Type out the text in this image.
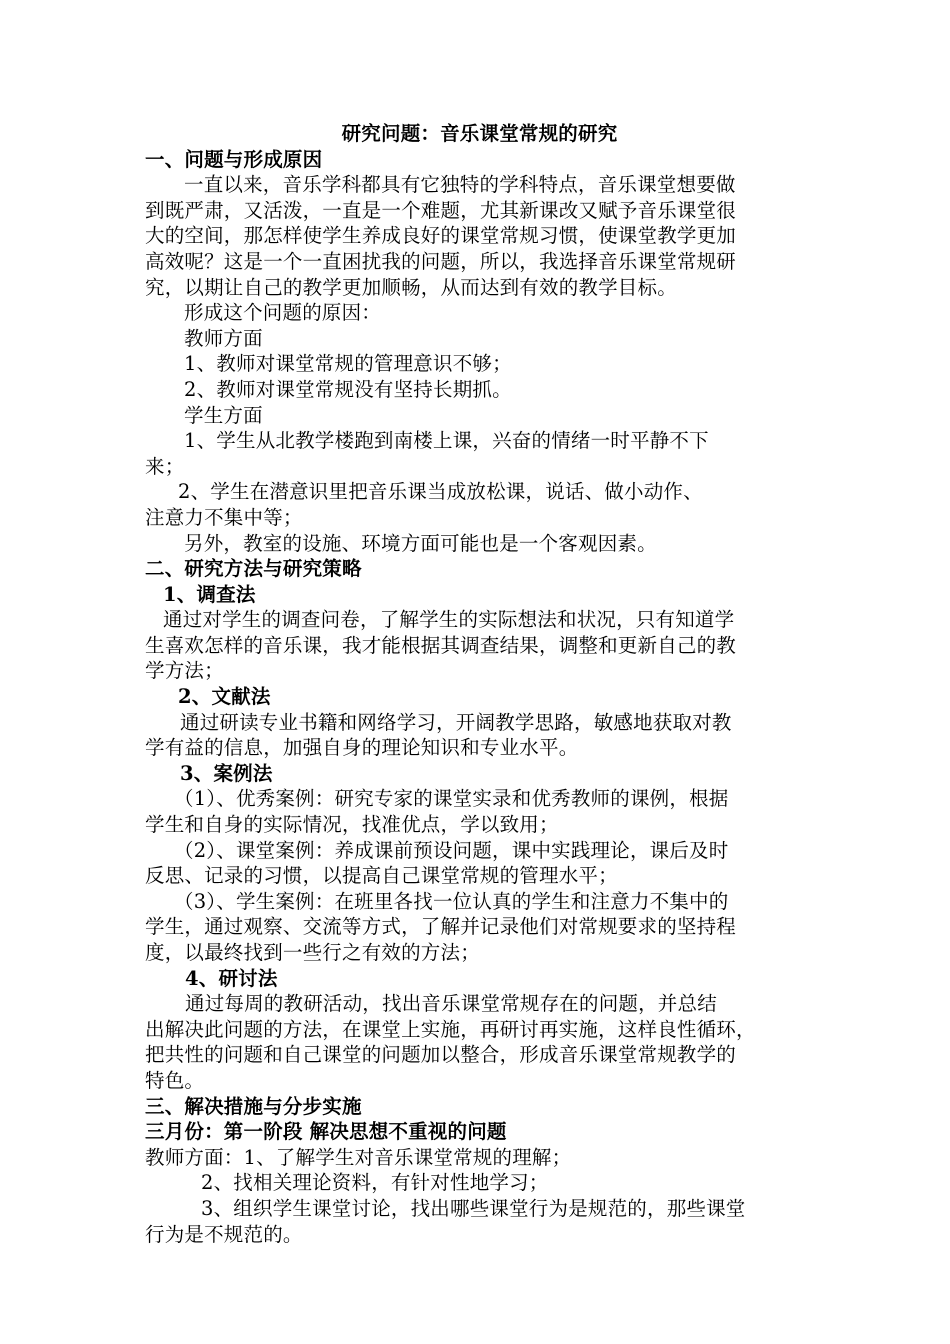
研究问题：音乐课堂常规的研究
一、问题与形成原因
一直以来，音乐学科都具有它独特的学科特点，音乐课堂想要做
到既严肃，又活泼，一直是一个难题，尤其新课改又赋予音乐课堂很
大的空间，那怎样使学生养成良好的课堂常规习惯，使课堂教学更加
高效呢？这是一个一直困扰我的问题，所以，我选择音乐课堂常规研
究，以期让自己的教学更加顺畅，从而达到有效的教学目标。
形成这个问题的原因：
教师方面
1、教师对课堂常规的管理意识不够；
2、教师对课堂常规没有坚持长期抓。
学生方面
1、学生从北教学楼跑到南楼上课，兴奋的情绪一时平静不下
来；
2、学生在潜意识里把音乐课当成放松课，说话、做小动作、
注意力不集中等；
另外，教室的设施、环境方面可能也是一个客观因素。
二、研究方法与研究策略
1、调查法
通过对学生的调查问卷，了解学生的实际想法和状况，只有知道学
生喜欢怎样的音乐课，我才能根据其调查结果，调整和更新自己的教
学方法；
2、文献法
通过研读专业书籍和网络学习，开阔教学思路，敏感地获取对教
学有益的信息，加强自身的理论知识和专业水平。
3、案例法
（1）、优秀案例：研究专家的课堂实录和优秀教师的课例，根据
学生和自身的实际情况，找准优点，学以致用；
（2）、课堂案例：养成课前预设问题，课中实践理论，课后及时
反思、记录的习惯，以提高自己课堂常规的管理水平；
（3）、学生案例：在班里各找一位认真的学生和注意力不集中的
学生，通过观察、交流等方式，了解并记录他们对常规要求的坚持程
度，以最终找到一些行之有效的方法；
4、研讨法
通过每周的教研活动，找出音乐课堂常规存在的问题，并总结
出解决此问题的方法，在课堂上实施，再研讨再实施，这样良性循环，
把共性的问题和自己课堂的问题加以整合，形成音乐课堂常规教学的
特色。
三、解决措施与分步实施
三月份：第一阶段 解决思想不重视的问题
教师方面：1、了解学生对音乐课堂常规的理解；
2、找相关理论资料，有针对性地学习；
3、组织学生课堂讨论，找出哪些课堂行为是规范的，那些课堂
行为是不规范的。
